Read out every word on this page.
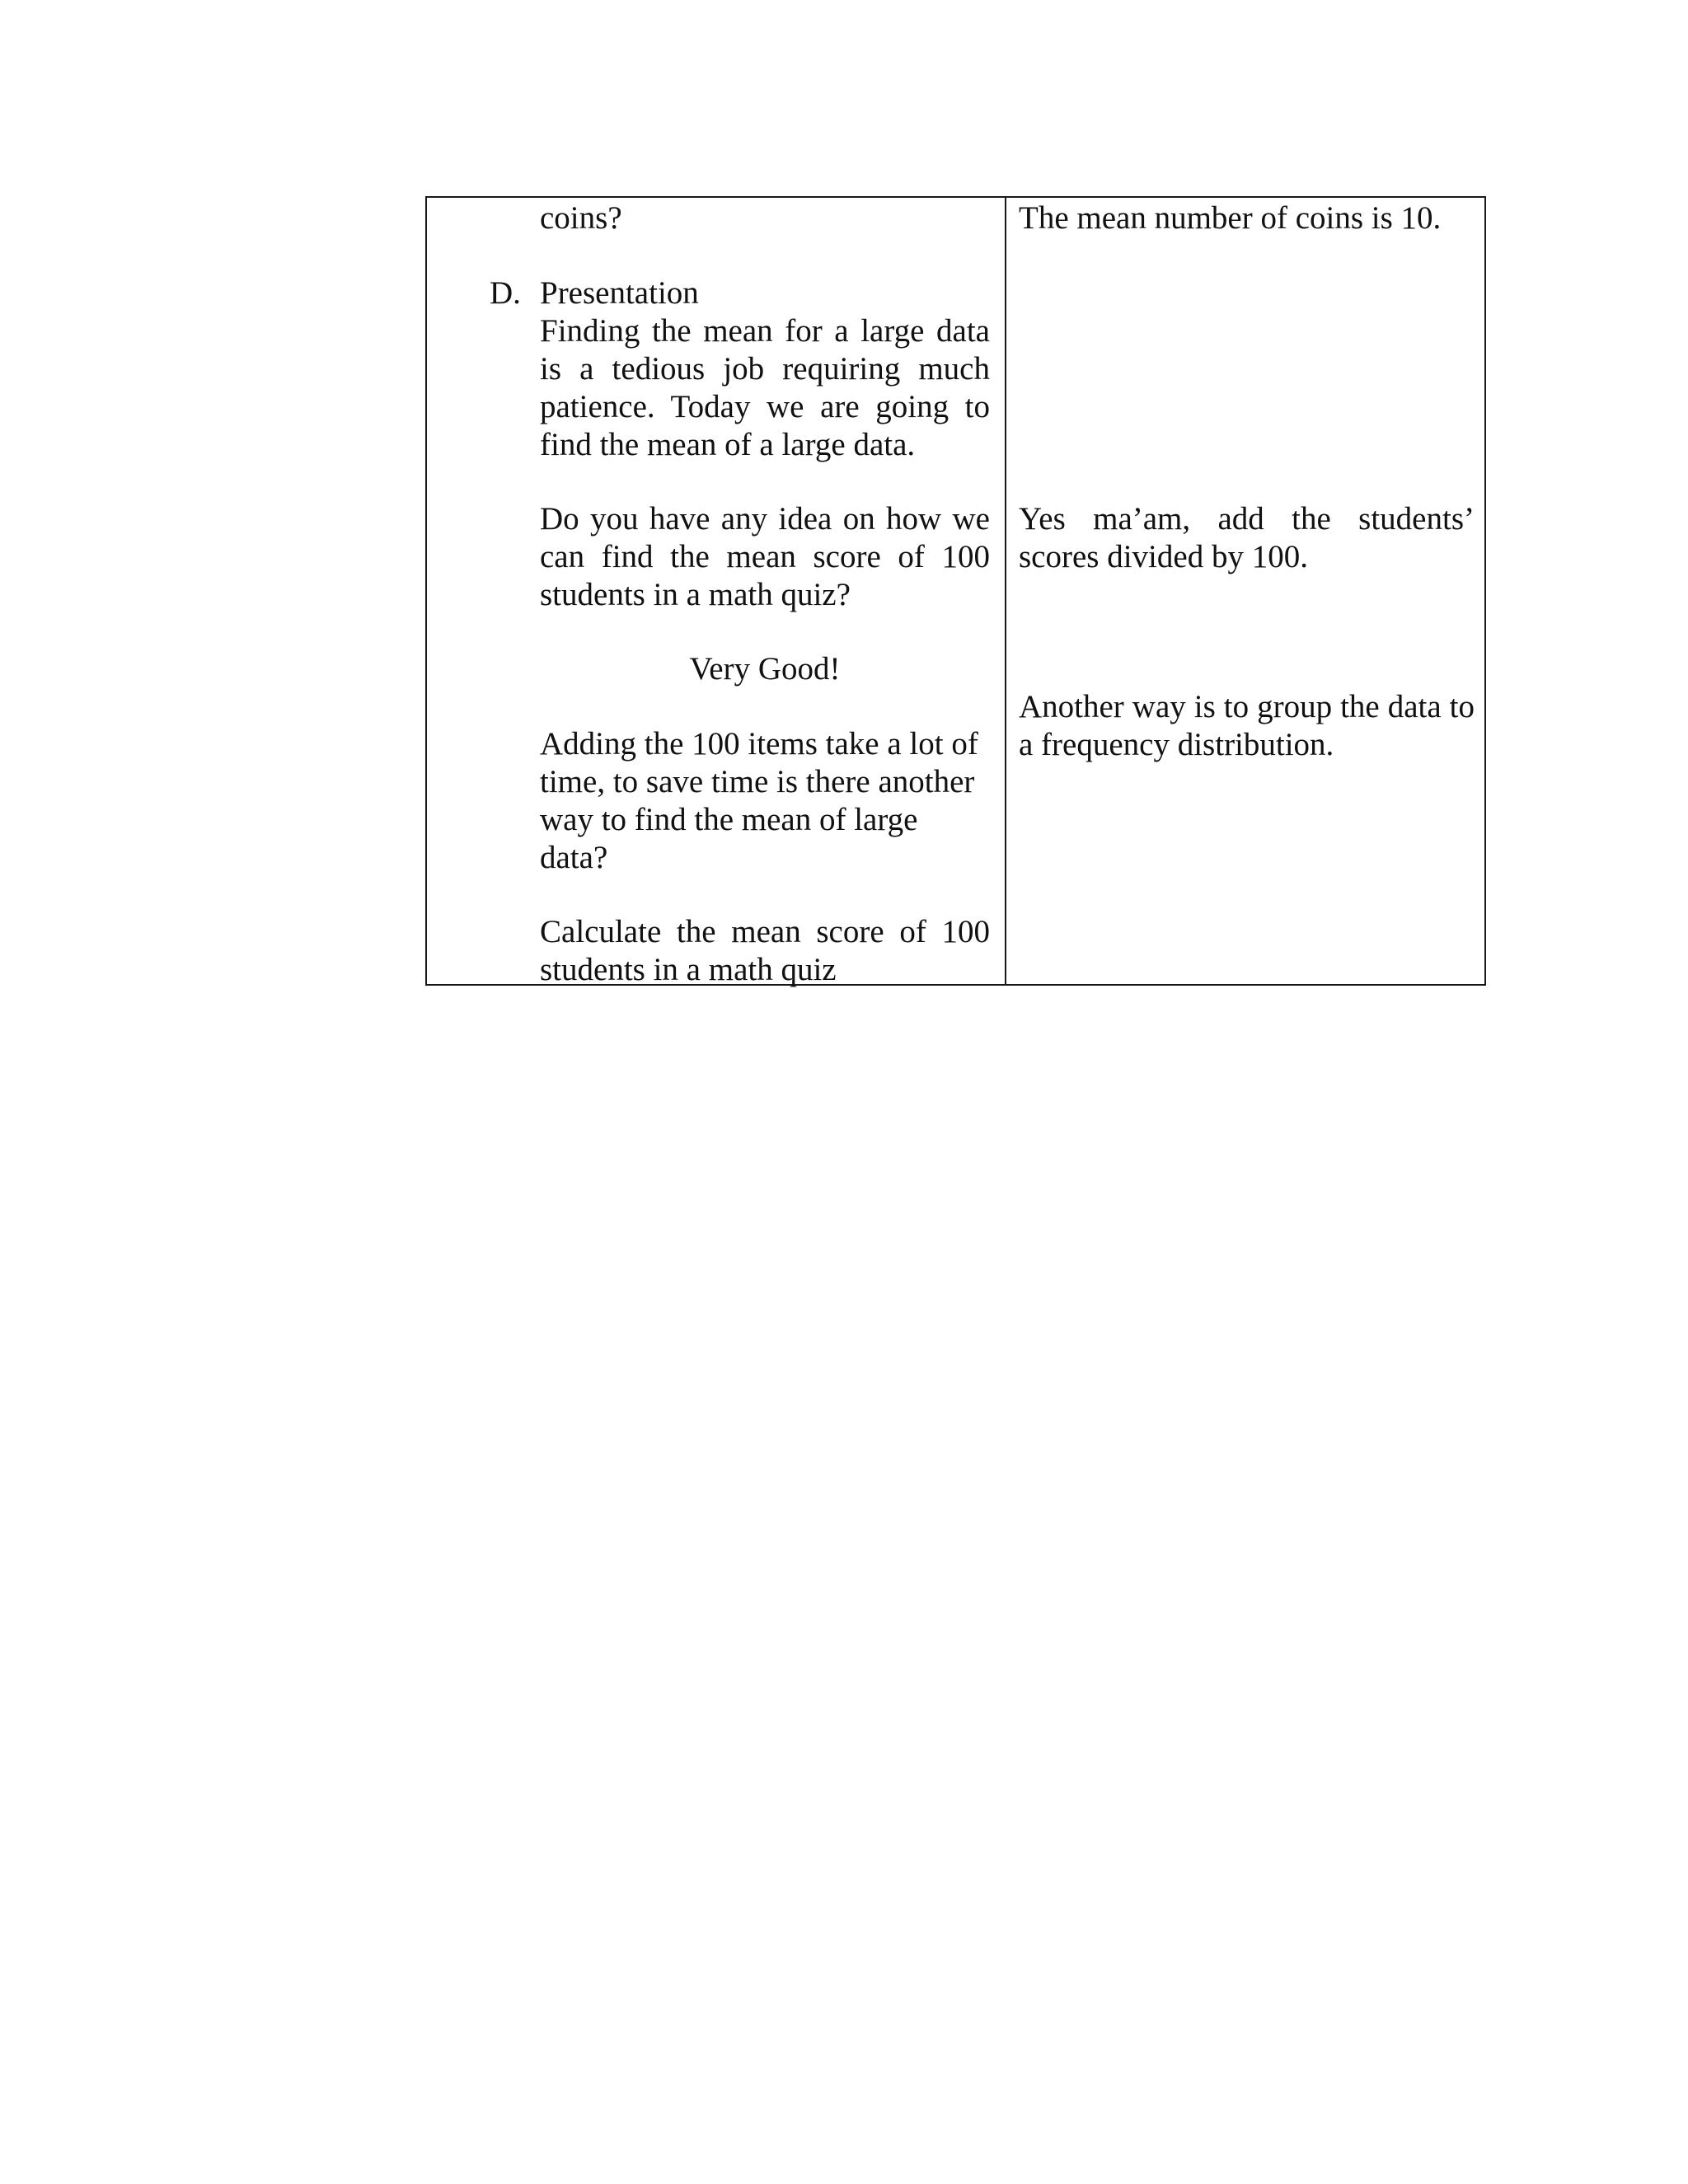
coins?
D. Presentation
Finding the mean for a large data is a tedious job requiring much patience. Today we are going to find the mean of a large data.
Do you have any idea on how we can find the mean score of 100 students in a math quiz?
Very Good!
Adding the 100 items take a lot of
time, to save time is there another
way to find the mean of large
data?
Calculate the mean score of 100
students in a math quiz
The mean number of coins is 10.
Yes ma’am, add the students’ scores divided by 100.
Another way is to group the data to a frequency distribution.
